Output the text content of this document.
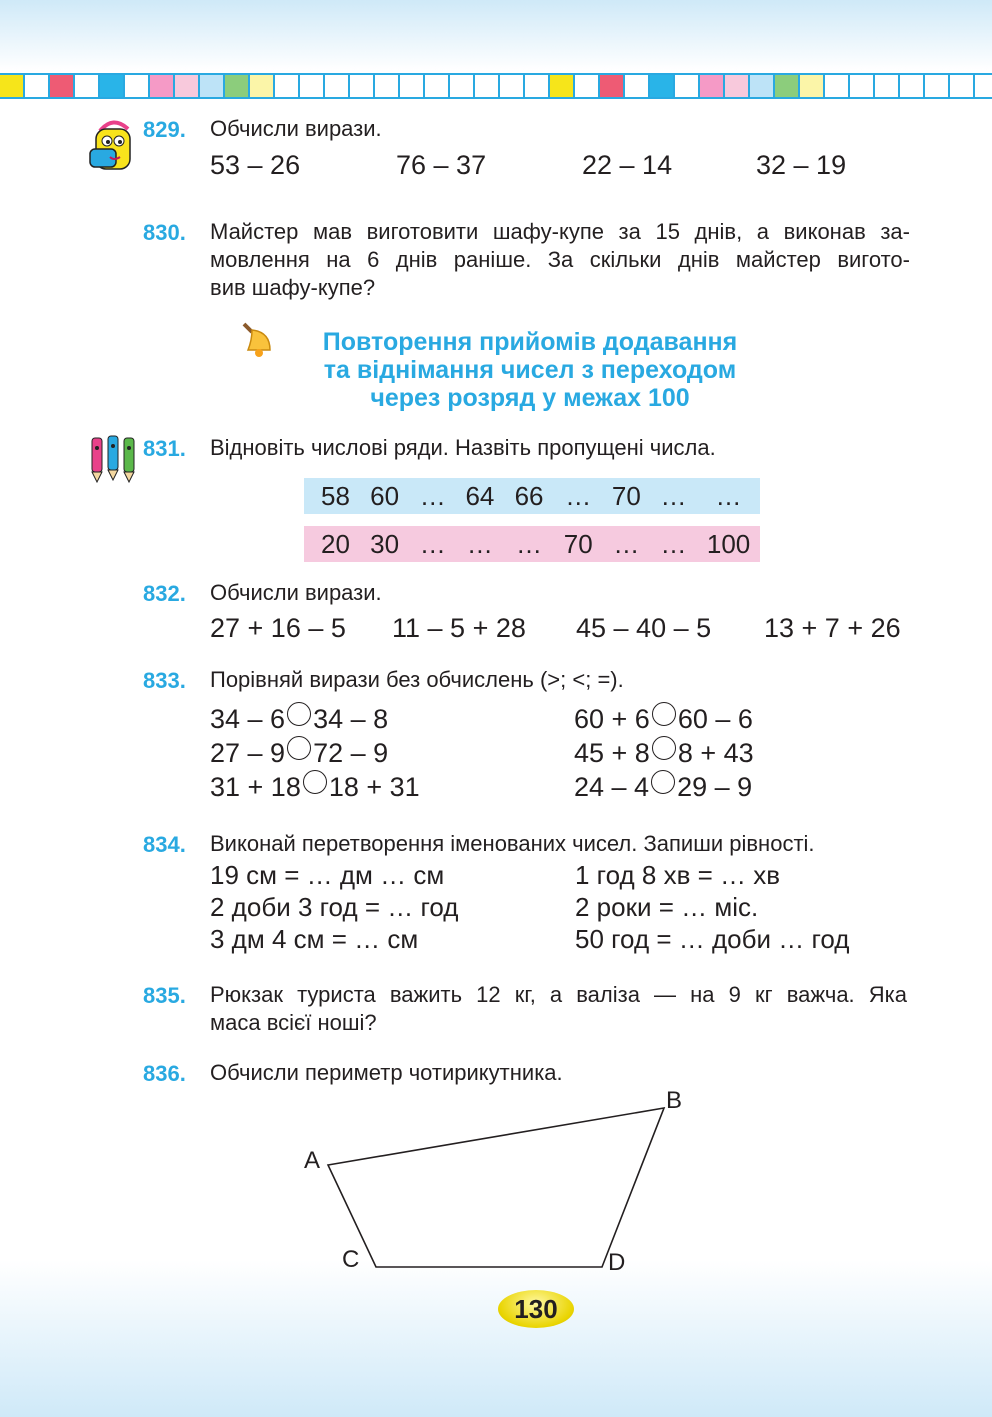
829. Обчисли вирази.
53 – 26	76 – 37	22 – 14	32 – 19
830. Майстер мав виготовити шафу-купе за 15 днів, а виконав за-
мовлення на 6 днів раніше. За скільки днів майстер вигото-
вив шафу-купе?
Повторення прийомів додавання
та віднімання чисел з переходом
через розряд у межах 100
831. Відновіть числові ряди. Назвіть пропущені числа.
58 60 … 64 66 … 70 …	…
20 30 … … … 70 … … 100
832. Обчисли вирази.
27 + 16 – 5 11 – 5 + 28 45 – 40 – 5 13 + 7 + 26
833. Порівняй вирази без обчислень (>; <; =).
34 – 6 34 – 8
27 – 9 72 – 9
31 + 18 18 + 31
60 + 6 60 – 6
45 + 8 8 + 43
24 – 4 29 – 9
834. Виконай перетворення іменованих чисел. Запиши рівності.
19 см = … дм … см
2 доби 3 год = … год
3 дм 4 см = … см
1 год 8 хв = … хв
2 роки = … міс.
50 год = … доби … год
835. Рюкзак туриста важить 12 кг, а валіза — на 9 кг важча. Яка
маса всієї ноші?
836. Обчисли периметр чотирикутника.
A
B
C	D
130
